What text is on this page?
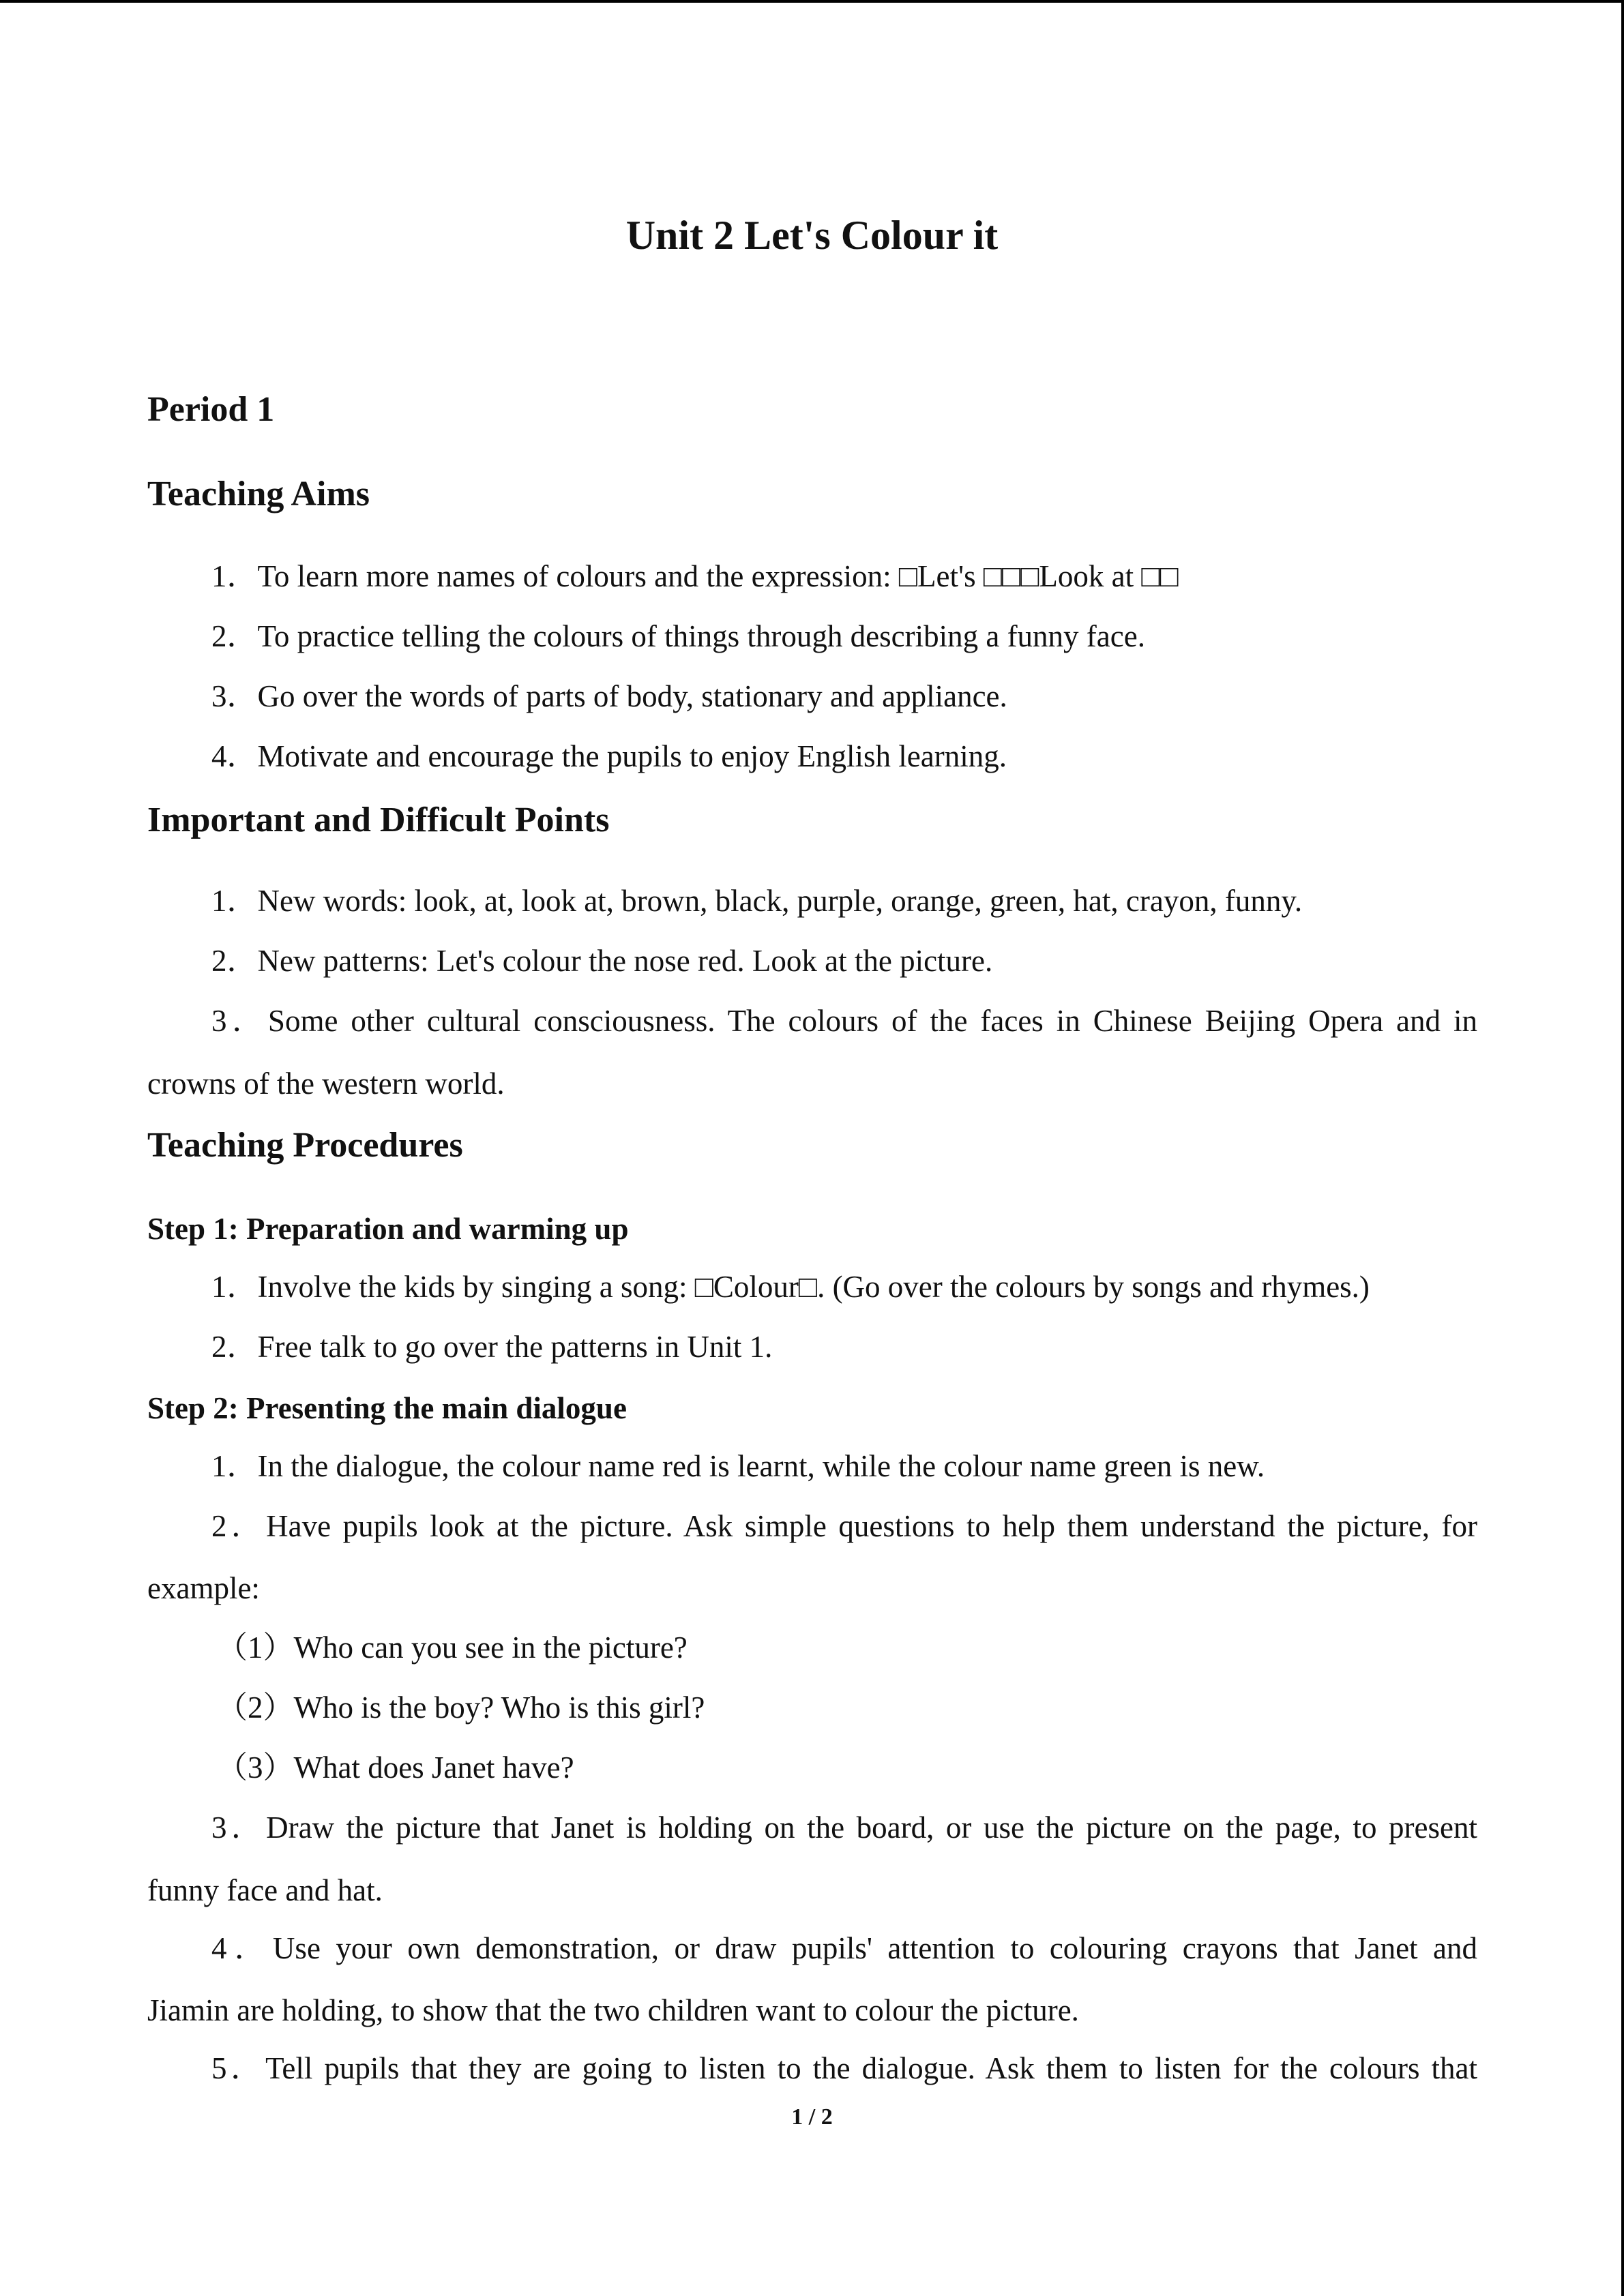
Unit 2 Let's Colour it
Period 1
Teaching Aims
1．To learn more names of colours and the expression: □Let's □□□Look at □□
2．To practice telling the colours of things through describing a funny face.
3．Go over the words of parts of body, stationary and appliance.
4．Motivate and encourage the pupils to enjoy English learning.
Important and Difficult Points
1．New words: look, at, look at, brown, black, purple, orange, green, hat, crayon, funny.
2．New patterns: Let's colour the nose red. Look at the picture.
3．Some other cultural consciousness. The colours of the faces in Chinese Beijing Opera and in
crowns of the western world.
Teaching Procedures
Step 1: Preparation and warming up
1．Involve the kids by singing a song: □Colour□. (Go over the colours by songs and rhymes.)
2．Free talk to go over the patterns in Unit 1.
Step 2: Presenting the main dialogue
1．In the dialogue, the colour name red is learnt, while the colour name green is new.
2．Have pupils look at the picture. Ask simple questions to help them understand the picture, for
example:
（1）Who can you see in the picture?
（2）Who is the boy? Who is this girl?
（3）What does Janet have?
3．Draw the picture that Janet is holding on the board, or use the picture on the page, to present
funny face and hat.
4．Use your own demonstration, or draw pupils' attention to colouring crayons that Janet and
Jiamin are holding, to show that the two children want to colour the picture.
5．Tell pupils that they are going to listen to the dialogue. Ask them to listen for the colours that
1 / 2
